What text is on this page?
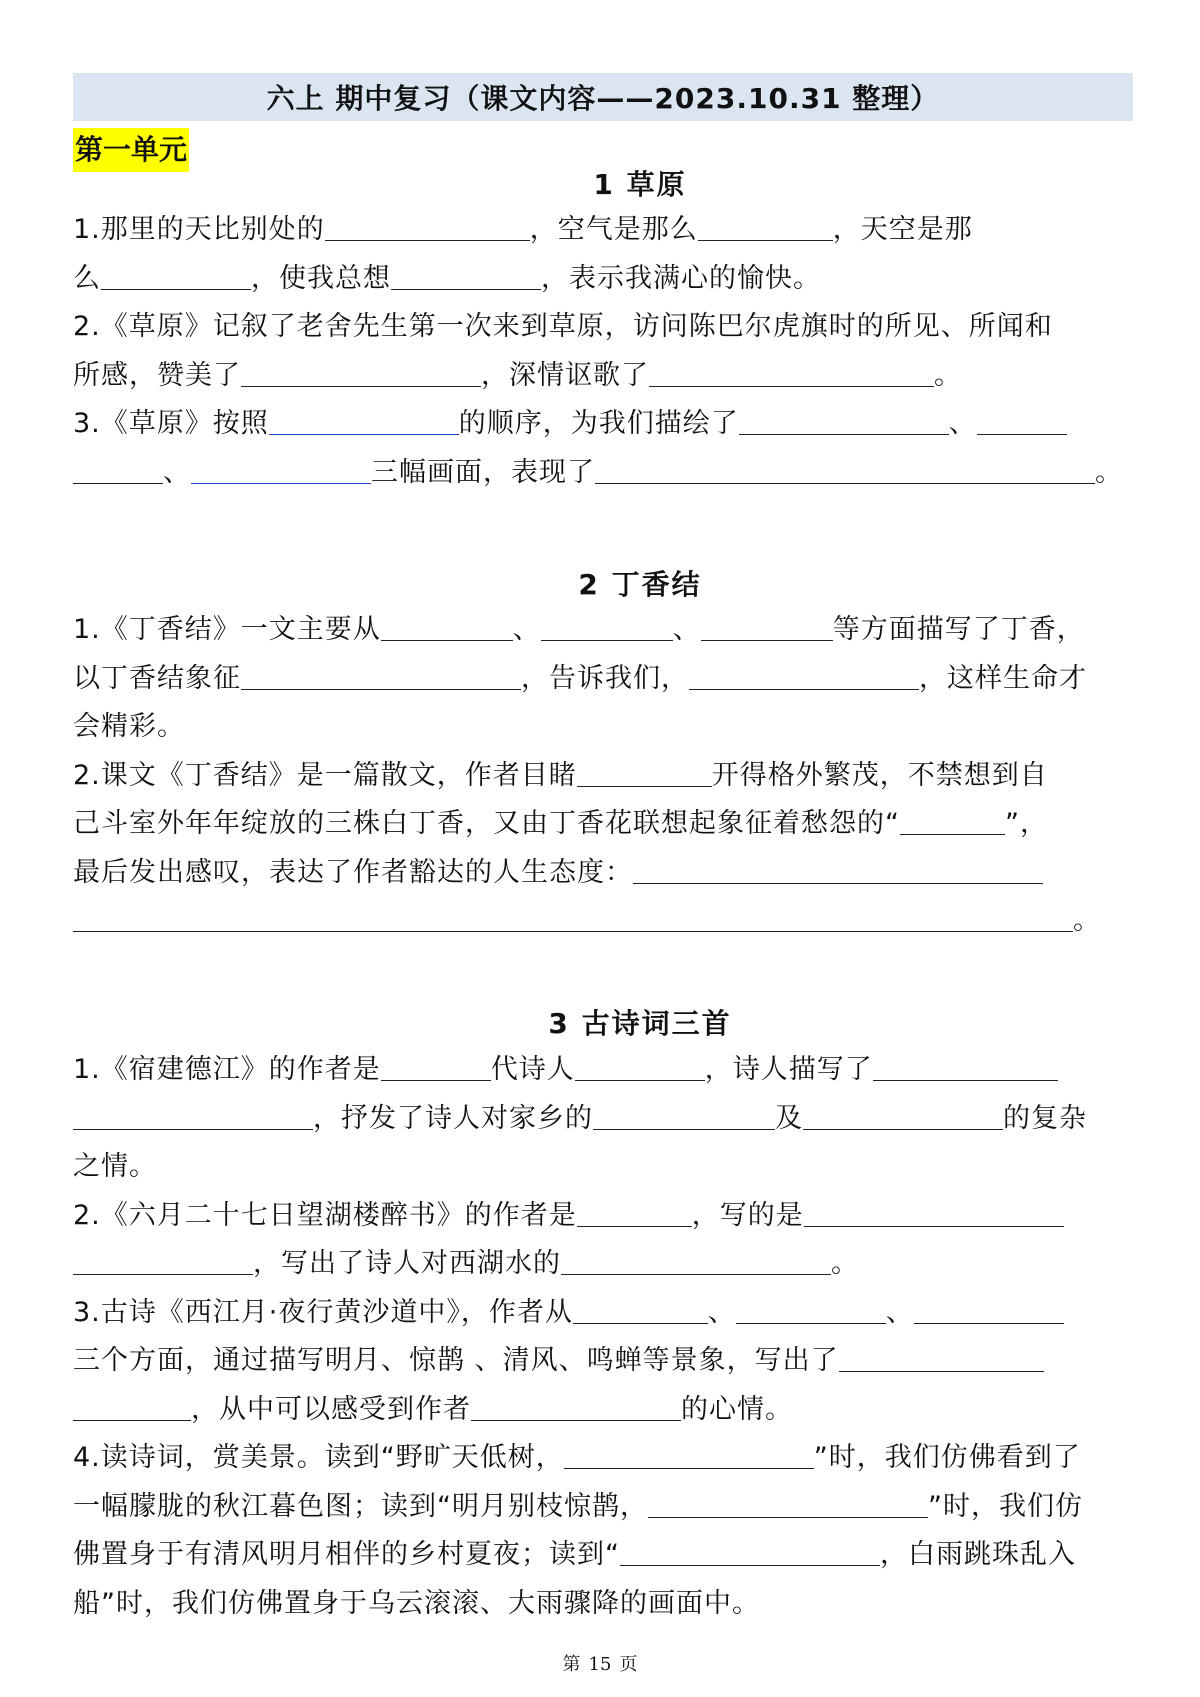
六上 期中复习（课文内容——2023.10.31 整理）
第一单元
1 草原
1.那里的天比别处的	，空气是那么	，天空是那
么	，使我总想	，表示我满心的愉快。
2.《草原》记叙了老舍先生第一次来到草原，访问陈巴尔虎旗时的所见、所闻和
所感，赞美了	，深情讴歌了	。
3.《草原》按照	的顺序，为我们描绘了	、
、	三幅画面，表现了	。
2 丁香结
1.《丁香结》一文主要从	、	、	等方面描写了丁香，
以丁香结象征	，告诉我们，	，这样生命才
会精彩。
2.课文《丁香结》是一篇散文，作者目睹	开得格外繁茂，不禁想到自
己斗室外年年绽放的三株白丁香，又由丁香花联想起象征着愁怨的“	”，
最后发出感叹，表达了作者豁达的人生态度：
。
3 古诗词三首
1.《宿建德江》的作者是	代诗人	，诗人描写了
，抒发了诗人对家乡的	及	的复杂
之情。
2.《六月二十七日望湖楼醉书》的作者是	，写的是
，写出了诗人对西湖水的	。
3.古诗《西江月·夜行黄沙道中》，作者从	、	、
三个方面，通过描写明月、惊鹊 、清风、鸣蝉等景象，写出了
，从中可以感受到作者	的心情。
4.读诗词，赏美景。读到“野旷天低树，	”时，我们仿佛看到了
一幅朦胧的秋江暮色图；读到“明月别枝惊鹊，	”时，我们仿
佛置身于有清风明月相伴的乡村夏夜；读到“	，白雨跳珠乱入
船”时，我们仿佛置身于乌云滚滚、大雨骤降的画面中。
第 15 页
